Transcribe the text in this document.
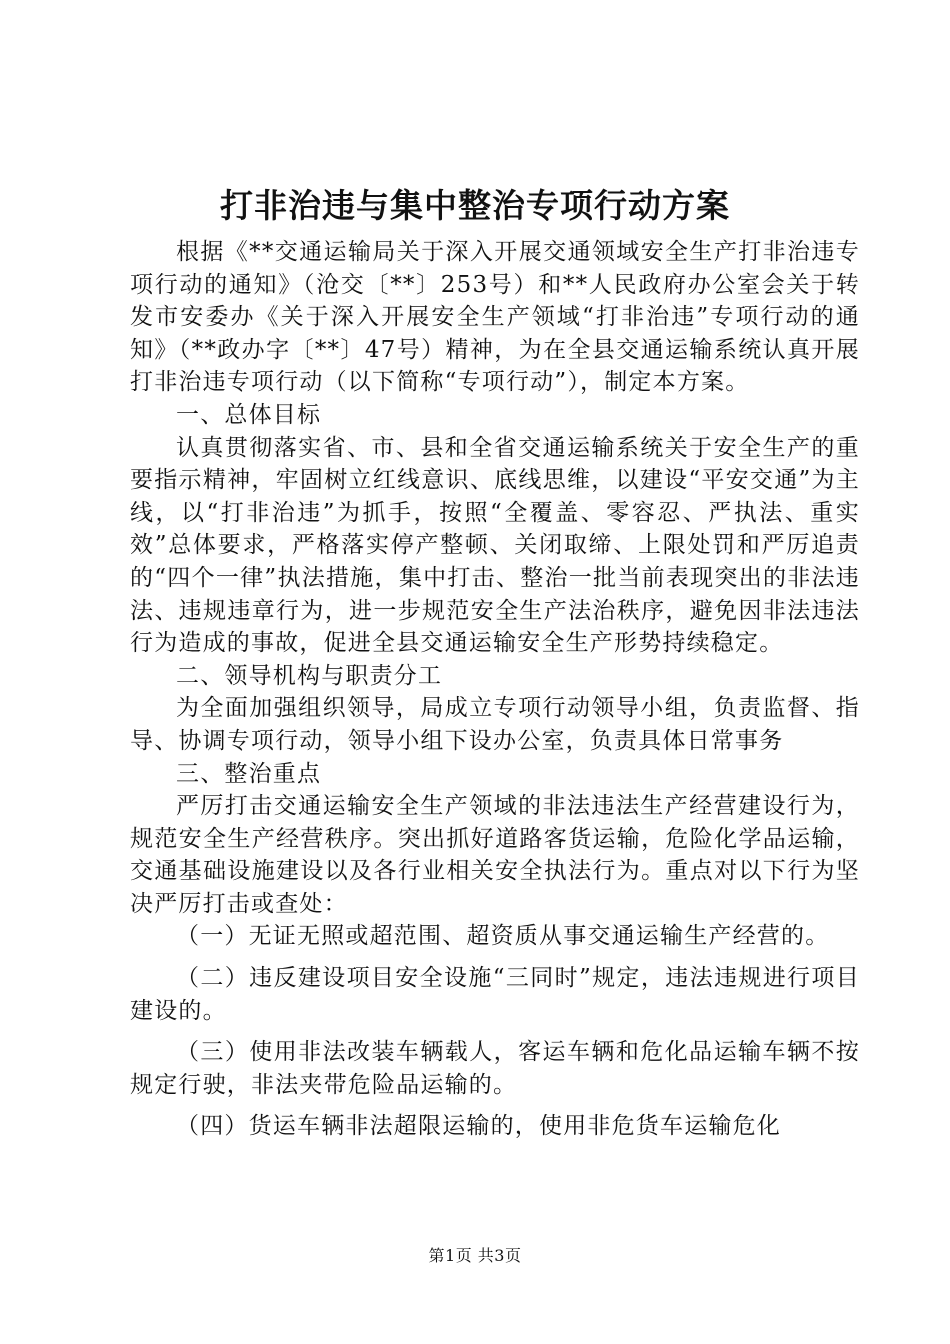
打非治违与集中整治专项行动方案

根据《**交通运输局关于深入开展交通领域安全生产打非治违专项行动的通知》（沧交〔**〕253号）和**人民政府办公室会关于转发市安委办《关于深入开展安全生产领域“打非治违”专项行动的通知》（**政办字〔**〕47号）精神，为在全县交通运输系统认真开展打非治违专项行动（以下简称“专项行动”），制定本方案。

一、总体目标

认真贯彻落实省、市、县和全省交通运输系统关于安全生产的重要指示精神，牢固树立红线意识、底线思维，以建设“平安交通”为主线，以“打非治违”为抓手，按照“全覆盖、零容忍、严执法、重实效”总体要求，严格落实停产整顿、关闭取缔、上限处罚和严厉追责的“四个一律”执法措施，集中打击、整治一批当前表现突出的非法违法、违规违章行为，进一步规范安全生产法治秩序，避免因非法违法行为造成的事故，促进全县交通运输安全生产形势持续稳定。

二、领导机构与职责分工

为全面加强组织领导，局成立专项行动领导小组，负责监督、指导、协调专项行动，领导小组下设办公室，负责具体日常事务

三、整治重点

严厉打击交通运输安全生产领域的非法违法生产经营建设行为，规范安全生产经营秩序。突出抓好道路客货运输，危险化学品运输，交通基础设施建设以及各行业相关安全执法行为。重点对以下行为坚决严厉打击或查处：

（一）无证无照或超范围、超资质从事交通运输生产经营的。

（二）违反建设项目安全设施“三同时”规定，违法违规进行项目建设的。

（三）使用非法改装车辆载人，客运车辆和危化品运输车辆不按规定行驶，非法夹带危险品运输的。

（四）货运车辆非法超限运输的，使用非危货车运输危化

第1页 共3页
